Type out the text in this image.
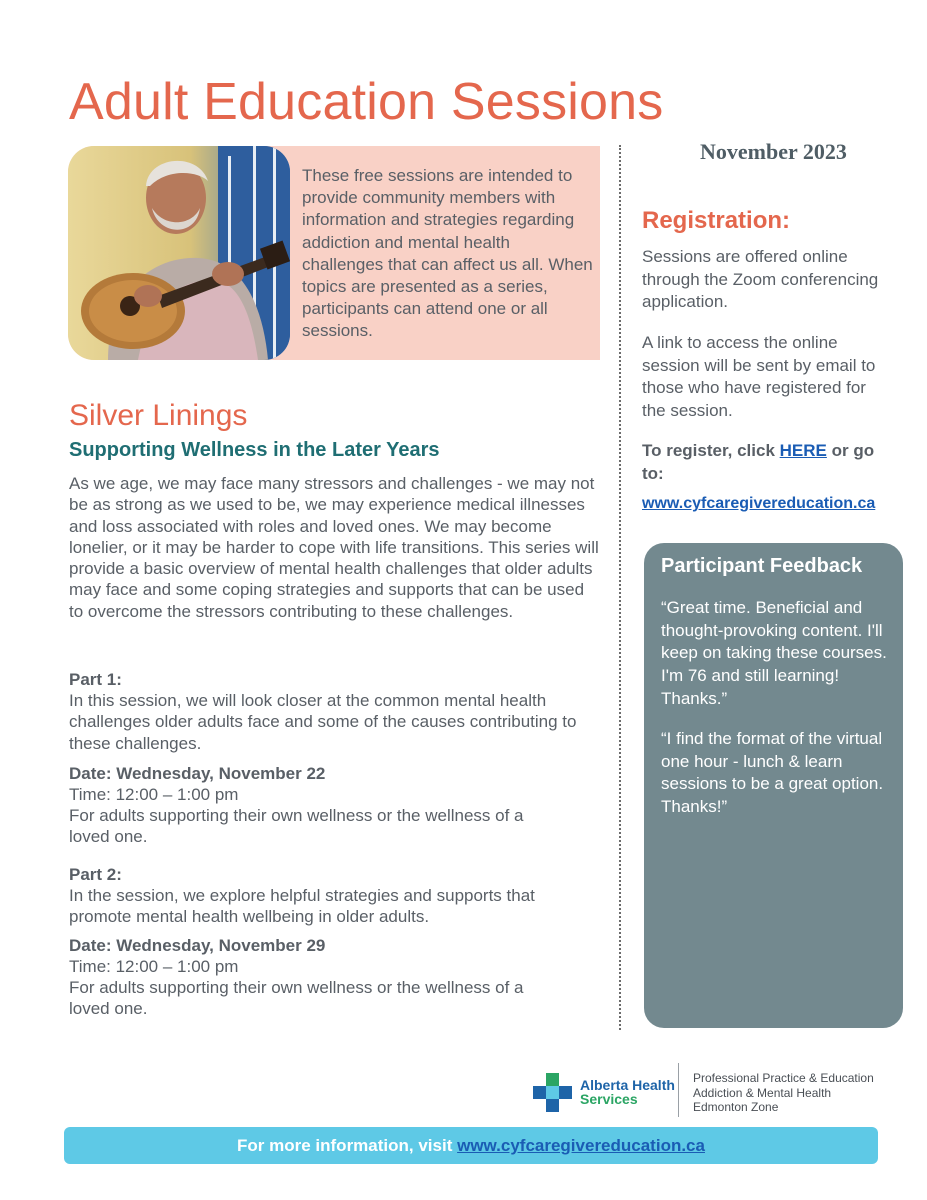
Adult Education Sessions
November 2023
These free sessions are intended to provide community members with information and strategies regarding addiction and mental health challenges that can affect us all. When topics are presented as a series, participants can attend one or all sessions.
Silver Linings
Supporting Wellness in the Later Years
As we age, we may face many stressors and challenges - we may not be as strong as we used to be, we may experience medical illnesses and loss associated with roles and loved ones. We may become lonelier, or it may be harder to cope with life transitions. This series will provide a basic overview of mental health challenges that older adults may face and some coping strategies and supports that can be used to overcome the stressors contributing to these challenges.
Part 1:
In this session, we will look closer at the common mental health challenges older adults face and some of the causes contributing to these challenges.
Date: Wednesday, November 22
Time: 12:00 – 1:00 pm
For adults supporting their own wellness or the wellness of a loved one.
Part 2:
In the session, we explore helpful strategies and supports that promote mental health wellbeing in older adults.
Date: Wednesday, November 29
Time: 12:00 – 1:00 pm
For adults supporting their own wellness or the wellness of a loved one.
Registration:
Sessions are offered online through the Zoom conferencing application.
A link to access the online session will be sent by email to those who have registered for the session.
To register, click HERE or go to:
www.cyfcaregivereducation.ca
Participant Feedback
“Great time. Beneficial and thought-provoking content. I'll keep on taking these courses. I'm 76 and still learning! Thanks.”
“I find the format of the virtual one hour - lunch & learn sessions to be a great option. Thanks!”
Alberta Health
Services
Professional Practice & Education
Addiction & Mental Health
Edmonton Zone
For more information, visit www.cyfcaregivereducation.ca
